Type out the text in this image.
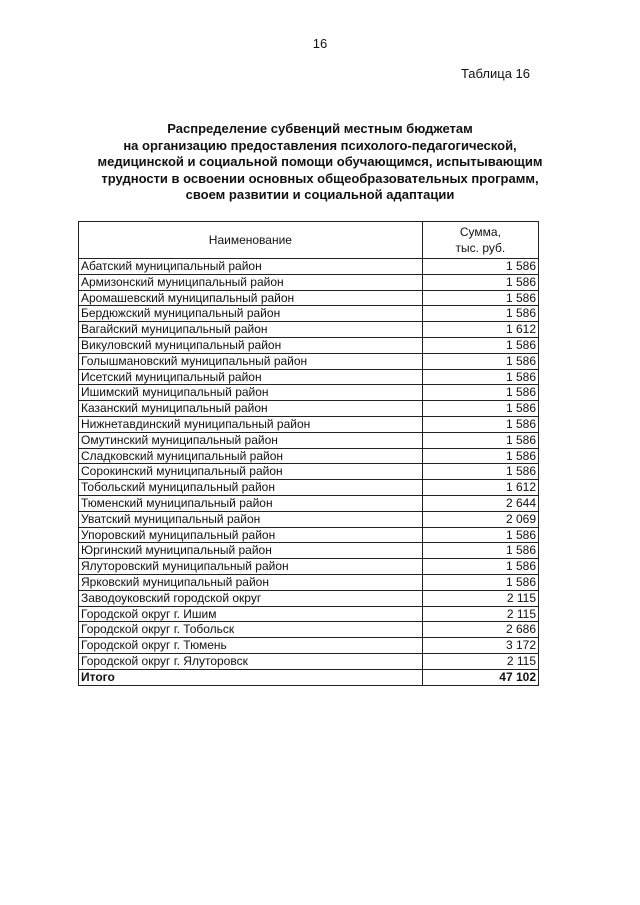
16
Таблица 16
Распределение субвенций местным бюджетам
на организацию предоставления психолого-педагогической,
медицинской и социальной помощи обучающимся, испытывающим
трудности в освоении основных общеобразовательных программ,
своем развитии и социальной адаптации
Наименование	Сумма,
тыс. руб.

Абатский муниципальный район	1 586
Армизонский муниципальный район	1 586
Аромашевский муниципальный район	1 586
Бердюжский муниципальный район	1 586
Вагайский муниципальный район	1 612
Викуловский муниципальный район	1 586
Голышмановский муниципальный район	1 586
Исетский муниципальный район	1 586
Ишимский муниципальный район	1 586
Казанский муниципальный район	1 586
Нижнетавдинский муниципальный район	1 586
Омутинский муниципальный район	1 586
Сладковский муниципальный район	1 586
Сорокинский муниципальный район	1 586
Тобольский муниципальный район	1 612
Тюменский муниципальный район	2 644
Уватский муниципальный район	2 069
Упоровский муниципальный район	1 586
Юргинский муниципальный район	1 586
Ялуторовский муниципальный район	1 586
Ярковский муниципальный район	1 586
Заводоуковский городской округ	2 115
Городской округ г. Ишим	2 115
Городской округ г. Тобольск	2 686
Городской округ г. Тюмень	3 172
Городской округ г. Ялуторовск	2 115
Итого	47 102
